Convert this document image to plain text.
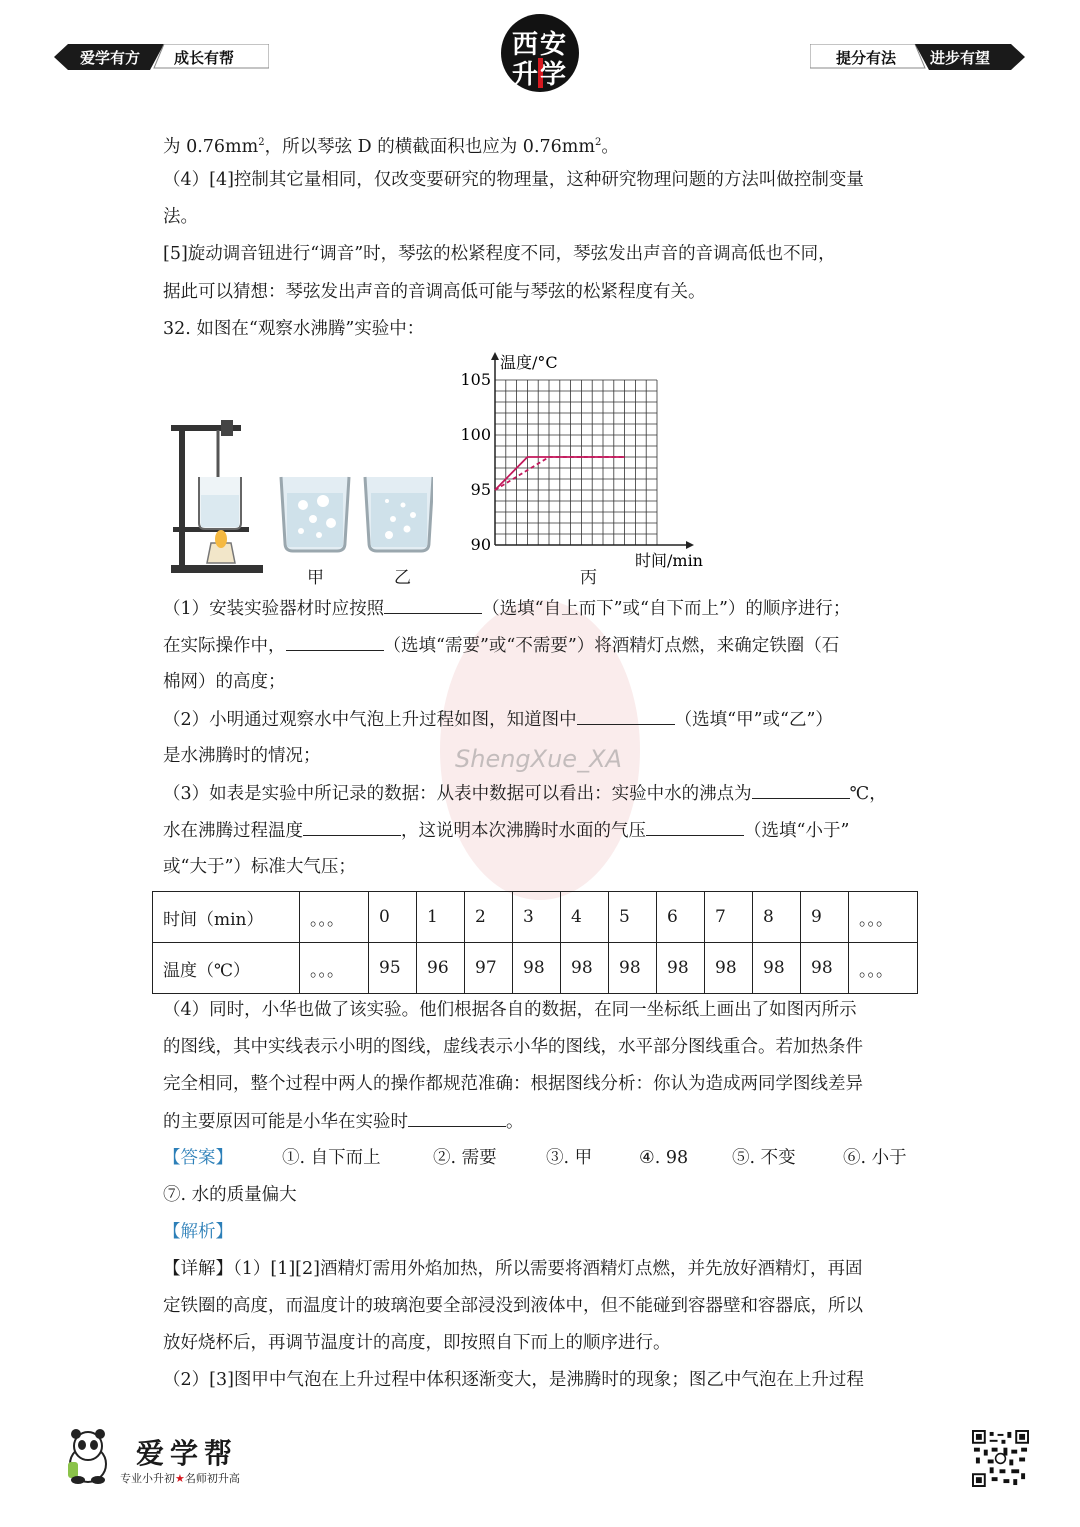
爱学有方 成长有帮	西安
升学
提分有法 进步有望
ShengXue_XA
为 $0.76mm^2$，所以琴弦 D 的横截面积也应为 $0.76mm^2$。
（4）[4]控制其它量相同，仅改变要研究的物理量，这种研究物理问题的方法叫做控制变量
法。
[5]旋动调音钮进行“调音”时，琴弦的松紧程度不同，琴弦发出声音的音调高低也不同，
据此可以猜想：琴弦发出声音的音调高低可能与琴弦的松紧程度有关。
32. 如图在“观察水沸腾”实验中：
甲	乙
90
95
100
105
温度/°C
时间/min
丙
（1）安装实验器材时应按照	（选填“自上而下”或“自下而上”）的顺序进行；
在实际操作中，	（选填“需要”或“不需要”）将酒精灯点燃，来确定铁圈（石
棉网）的高度；
（2）小明通过观察水中气泡上升过程如图，知道图中	（选填“甲”或“乙”）
是水沸腾时的情况；
（3）如表是实验中所记录的数据：从表中数据可以看出：实验中水的沸点为	℃，
水在沸腾过程温度	，这说明本次沸腾时水面的气压	（选填“小于”
或“大于”）标准大气压；
时间（min）	。。。	0	1	2	3	4	5	6	7	8	9	。。。
温度（℃）	。。。	95	96	97	98	98	98	98	98	98	98	。。。
（4）同时，小华也做了该实验。他们根据各自的数据，在同一坐标纸上画出了如图丙所示
的图线，其中实线表示小明的图线，虚线表示小华的图线，水平部分图线重合。若加热条件
完全相同，整个过程中两人的操作都规范准确：根据图线分析：你认为造成两同学图线差异
的主要原因可能是小华在实验时	。
【答案】	①. 自下而上	②. 需要	③. 甲	④. 98	⑤. 不变	⑥. 小于
⑦. 水的质量偏大
【解析】
【详解】（1）[1][2]酒精灯需用外焰加热，所以需要将酒精灯点燃，并先放好酒精灯，再固
定铁圈的高度，而温度计的玻璃泡要全部浸没到液体中，但不能碰到容器壁和容器底，所以
放好烧杯后，再调节温度计的高度，即按照自下而上的顺序进行。
（2）[3]图甲中气泡在上升过程中体积逐渐变大，是沸腾时的现象；图乙中气泡在上升过程
爱学帮
专业小升初★名师初升高
